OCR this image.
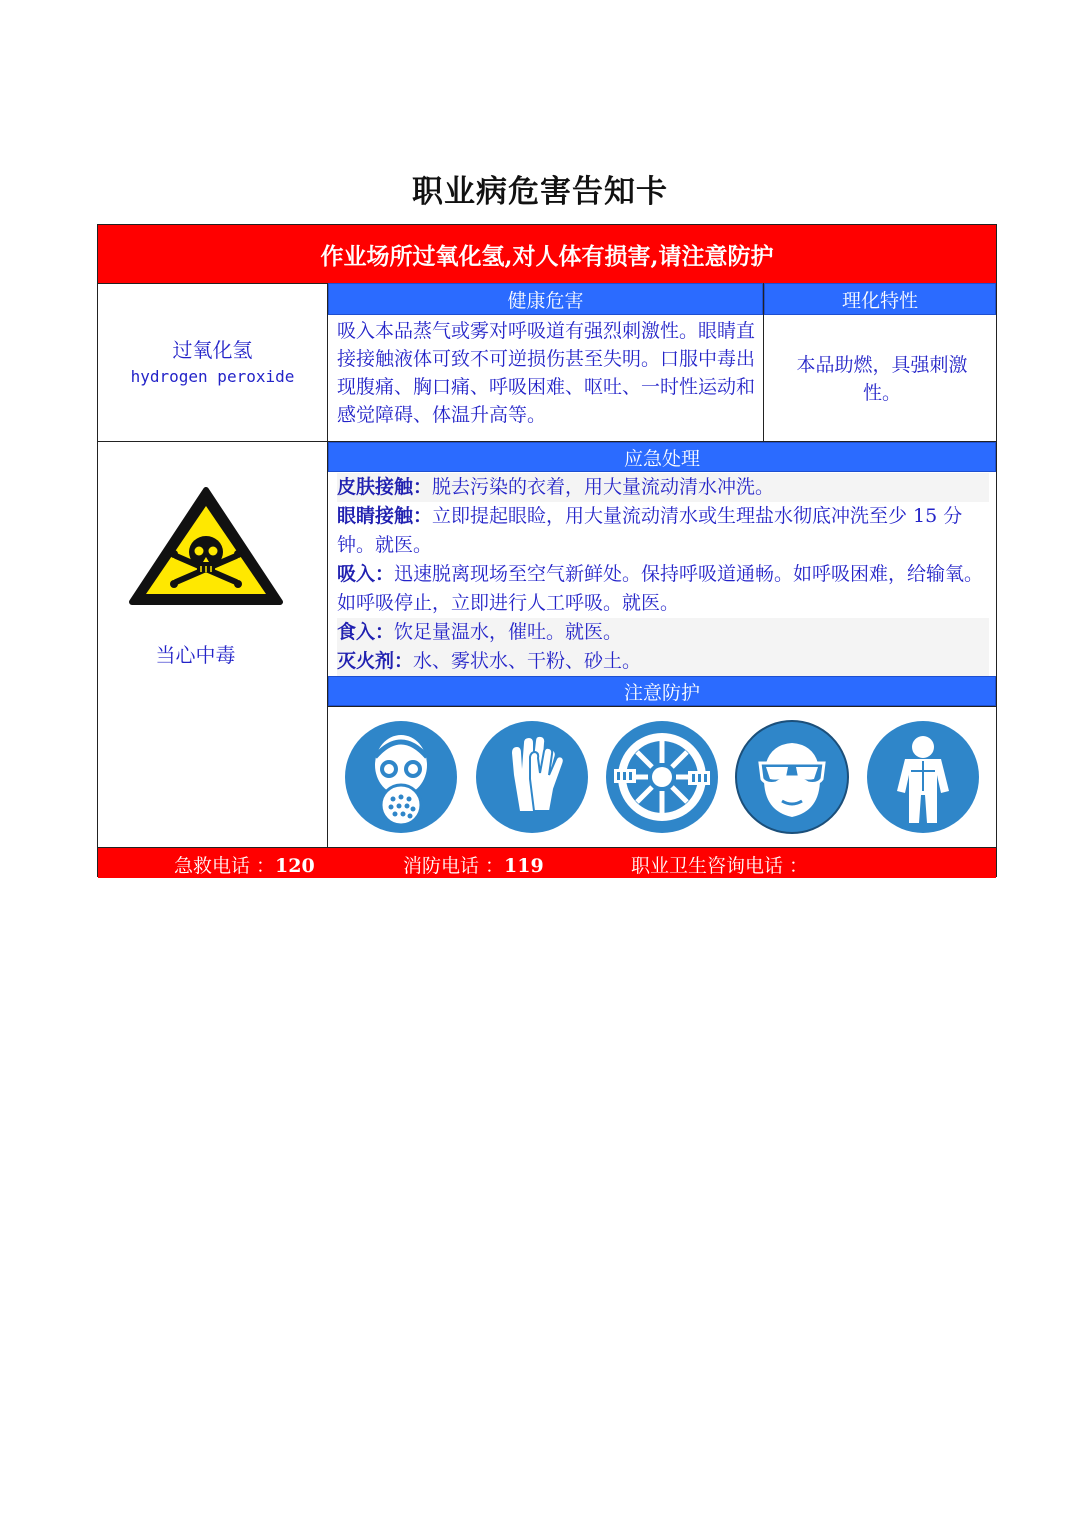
职业病危害告知卡
作业场所过氧化氢,对人体有损害,请注意防护
健康危害	理化特性
过氧化氢
hydrogen peroxide
吸入本品蒸气或雾对呼吸道有强烈刺激性。眼睛直接接触液体可致不可逆损伤甚至失明。口服中毒出现腹痛、胸口痛、呼吸困难、呕吐、一时性运动和感觉障碍、体温升高等。
本品助燃，具强刺激性。
当心中毒
应急处理
皮肤接触：脱去污染的衣着，用大量流动清水冲洗。
眼睛接触：立即提起眼睑，用大量流动清水或生理盐水彻底冲洗至少 15 分钟。就医。
吸入：迅速脱离现场至空气新鲜处。保持呼吸道通畅。如呼吸困难，给输氧。如呼吸停止，立即进行人工呼吸。就医。
食入：饮足量温水，催吐。就医。
灭火剂：水、雾状水、干粉、砂土。
注意防护
急救电话 ：120	消防电话 ：119	职业卫生咨询电话 ：
